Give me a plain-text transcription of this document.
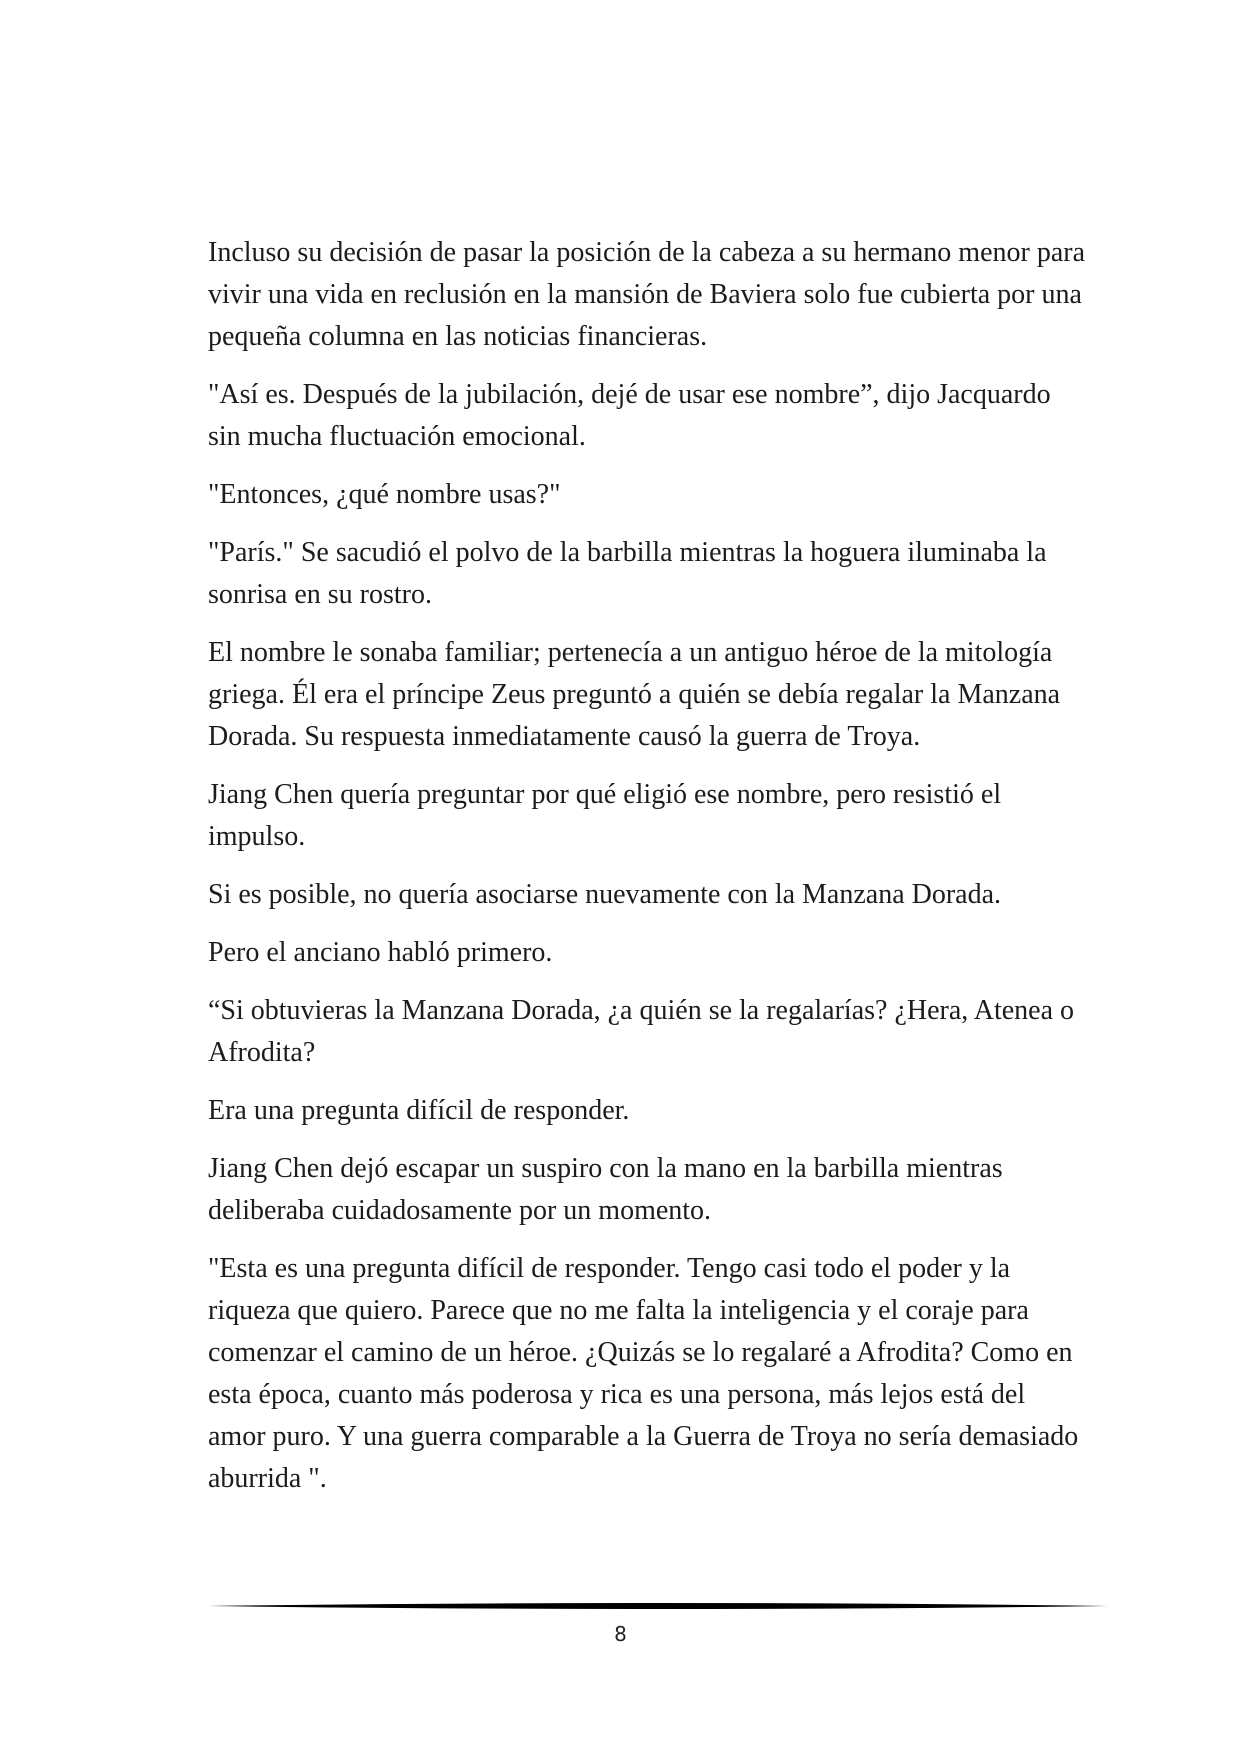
Incluso su decisión de pasar la posición de la cabeza a su hermano menor para vivir una vida en reclusión en la mansión de Baviera solo fue cubierta por una pequeña columna en las noticias financieras.

"Así es. Después de la jubilación, dejé de usar ese nombre”, dijo Jacquardo sin mucha fluctuación emocional.

"Entonces, ¿qué nombre usas?"

"París." Se sacudió el polvo de la barbilla mientras la hoguera iluminaba la sonrisa en su rostro.

El nombre le sonaba familiar; pertenecía a un antiguo héroe de la mitología griega. Él era el príncipe Zeus preguntó a quién se debía regalar la Manzana Dorada. Su respuesta inmediatamente causó la guerra de Troya.

Jiang Chen quería preguntar por qué eligió ese nombre, pero resistió el impulso.

Si es posible, no quería asociarse nuevamente con la Manzana Dorada.

Pero el anciano habló primero.

“Si obtuvieras la Manzana Dorada, ¿a quién se la regalarías? ¿Hera, Atenea o Afrodita?

Era una pregunta difícil de responder.

Jiang Chen dejó escapar un suspiro con la mano en la barbilla mientras deliberaba cuidadosamente por un momento.

"Esta es una pregunta difícil de responder. Tengo casi todo el poder y la riqueza que quiero. Parece que no me falta la inteligencia y el coraje para comenzar el camino de un héroe. ¿Quizás se lo regalaré a Afrodita? Como en esta época, cuanto más poderosa y rica es una persona, más lejos está del amor puro. Y una guerra comparable a la Guerra de Troya no sería demasiado aburrida ".

8
